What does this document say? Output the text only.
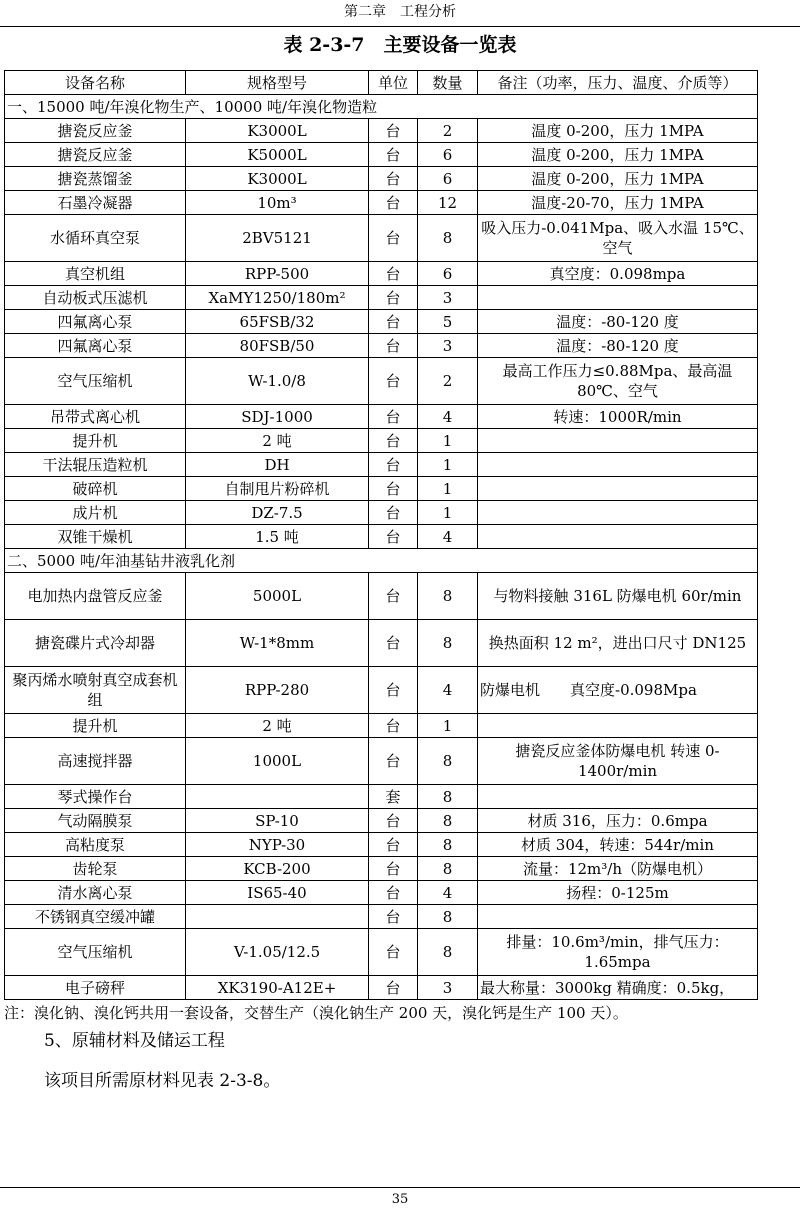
第二章　工程分析
表 2-3-7　主要设备一览表
设备名称	规格型号	单位	数量	备注（功率，压力、温度、介质等）
一、15000 吨/年溴化物生产、10000 吨/年溴化物造粒				
搪瓷反应釜	K3000L	台	2	温度 0-200，压力 1MPA
搪瓷反应釜	K5000L	台	6	温度 0-200，压力 1MPA
搪瓷蒸馏釜	K3000L	台	6	温度 0-200，压力 1MPA
石墨冷凝器	10m³	台	12	温度-20-70，压力 1MPA
水循环真空泵	2BV5121	台	8	吸入压力-0.041Mpa、吸入水温 15℃、空气
真空机组	RPP-500	台	6	真空度：0.098mpa
自动板式压滤机	XaMY1250/180m²	台	3	
四氟离心泵	65FSB/32	台	5	温度：-80-120 度
四氟离心泵	80FSB/50	台	3	温度：-80-120 度
空气压缩机	W-1.0/8	台	2	最高工作压力≤0.88Mpa、最高温 80℃、空气
吊带式离心机	SDJ-1000	台	4	转速：1000R/min
提升机	2 吨	台	1	
干法辊压造粒机	DH	台	1	
破碎机	自制甩片粉碎机	台	1	
成片机	DZ-7.5	台	1	
双锥干燥机	1.5 吨	台	4	
二、5000 吨/年油基钻井液乳化剂				
电加热内盘管反应釜	5000L	台	8	与物料接触 316L 防爆电机 60r/min
搪瓷碟片式冷却器	W-1*8mm	台	8	换热面积 12 m²，进出口尺寸 DN125
聚丙烯水喷射真空成套机组	RPP-280	台	4	防爆电机　　真空度-0.098Mpa
提升机	2 吨	台	1	
高速搅拌器	1000L	台	8	搪瓷反应釜体防爆电机 转速 0-1400r/min
琴式操作台		套	8	
气动隔膜泵	SP-10	台	8	材质 316，压力：0.6mpa
高粘度泵	NYP-30	台	8	材质 304，转速：544r/min
齿轮泵	KCB-200	台	8	流量：12m³/h（防爆电机）
清水离心泵	IS65-40	台	4	扬程：0-125m
不锈钢真空缓冲罐		台	8	
空气压缩机	V-1.05/12.5	台	8	排量：10.6m³/min，排气压力：1.65mpa
电子磅秤	XK3190-A12E+	台	3	最大称量：3000kg 精确度：0.5kg，
注：溴化钠、溴化钙共用一套设备，交替生产（溴化钠生产 200 天，溴化钙是生产 100 天）。
5、原辅材料及储运工程
该项目所需原材料见表 2-3-8。
35
